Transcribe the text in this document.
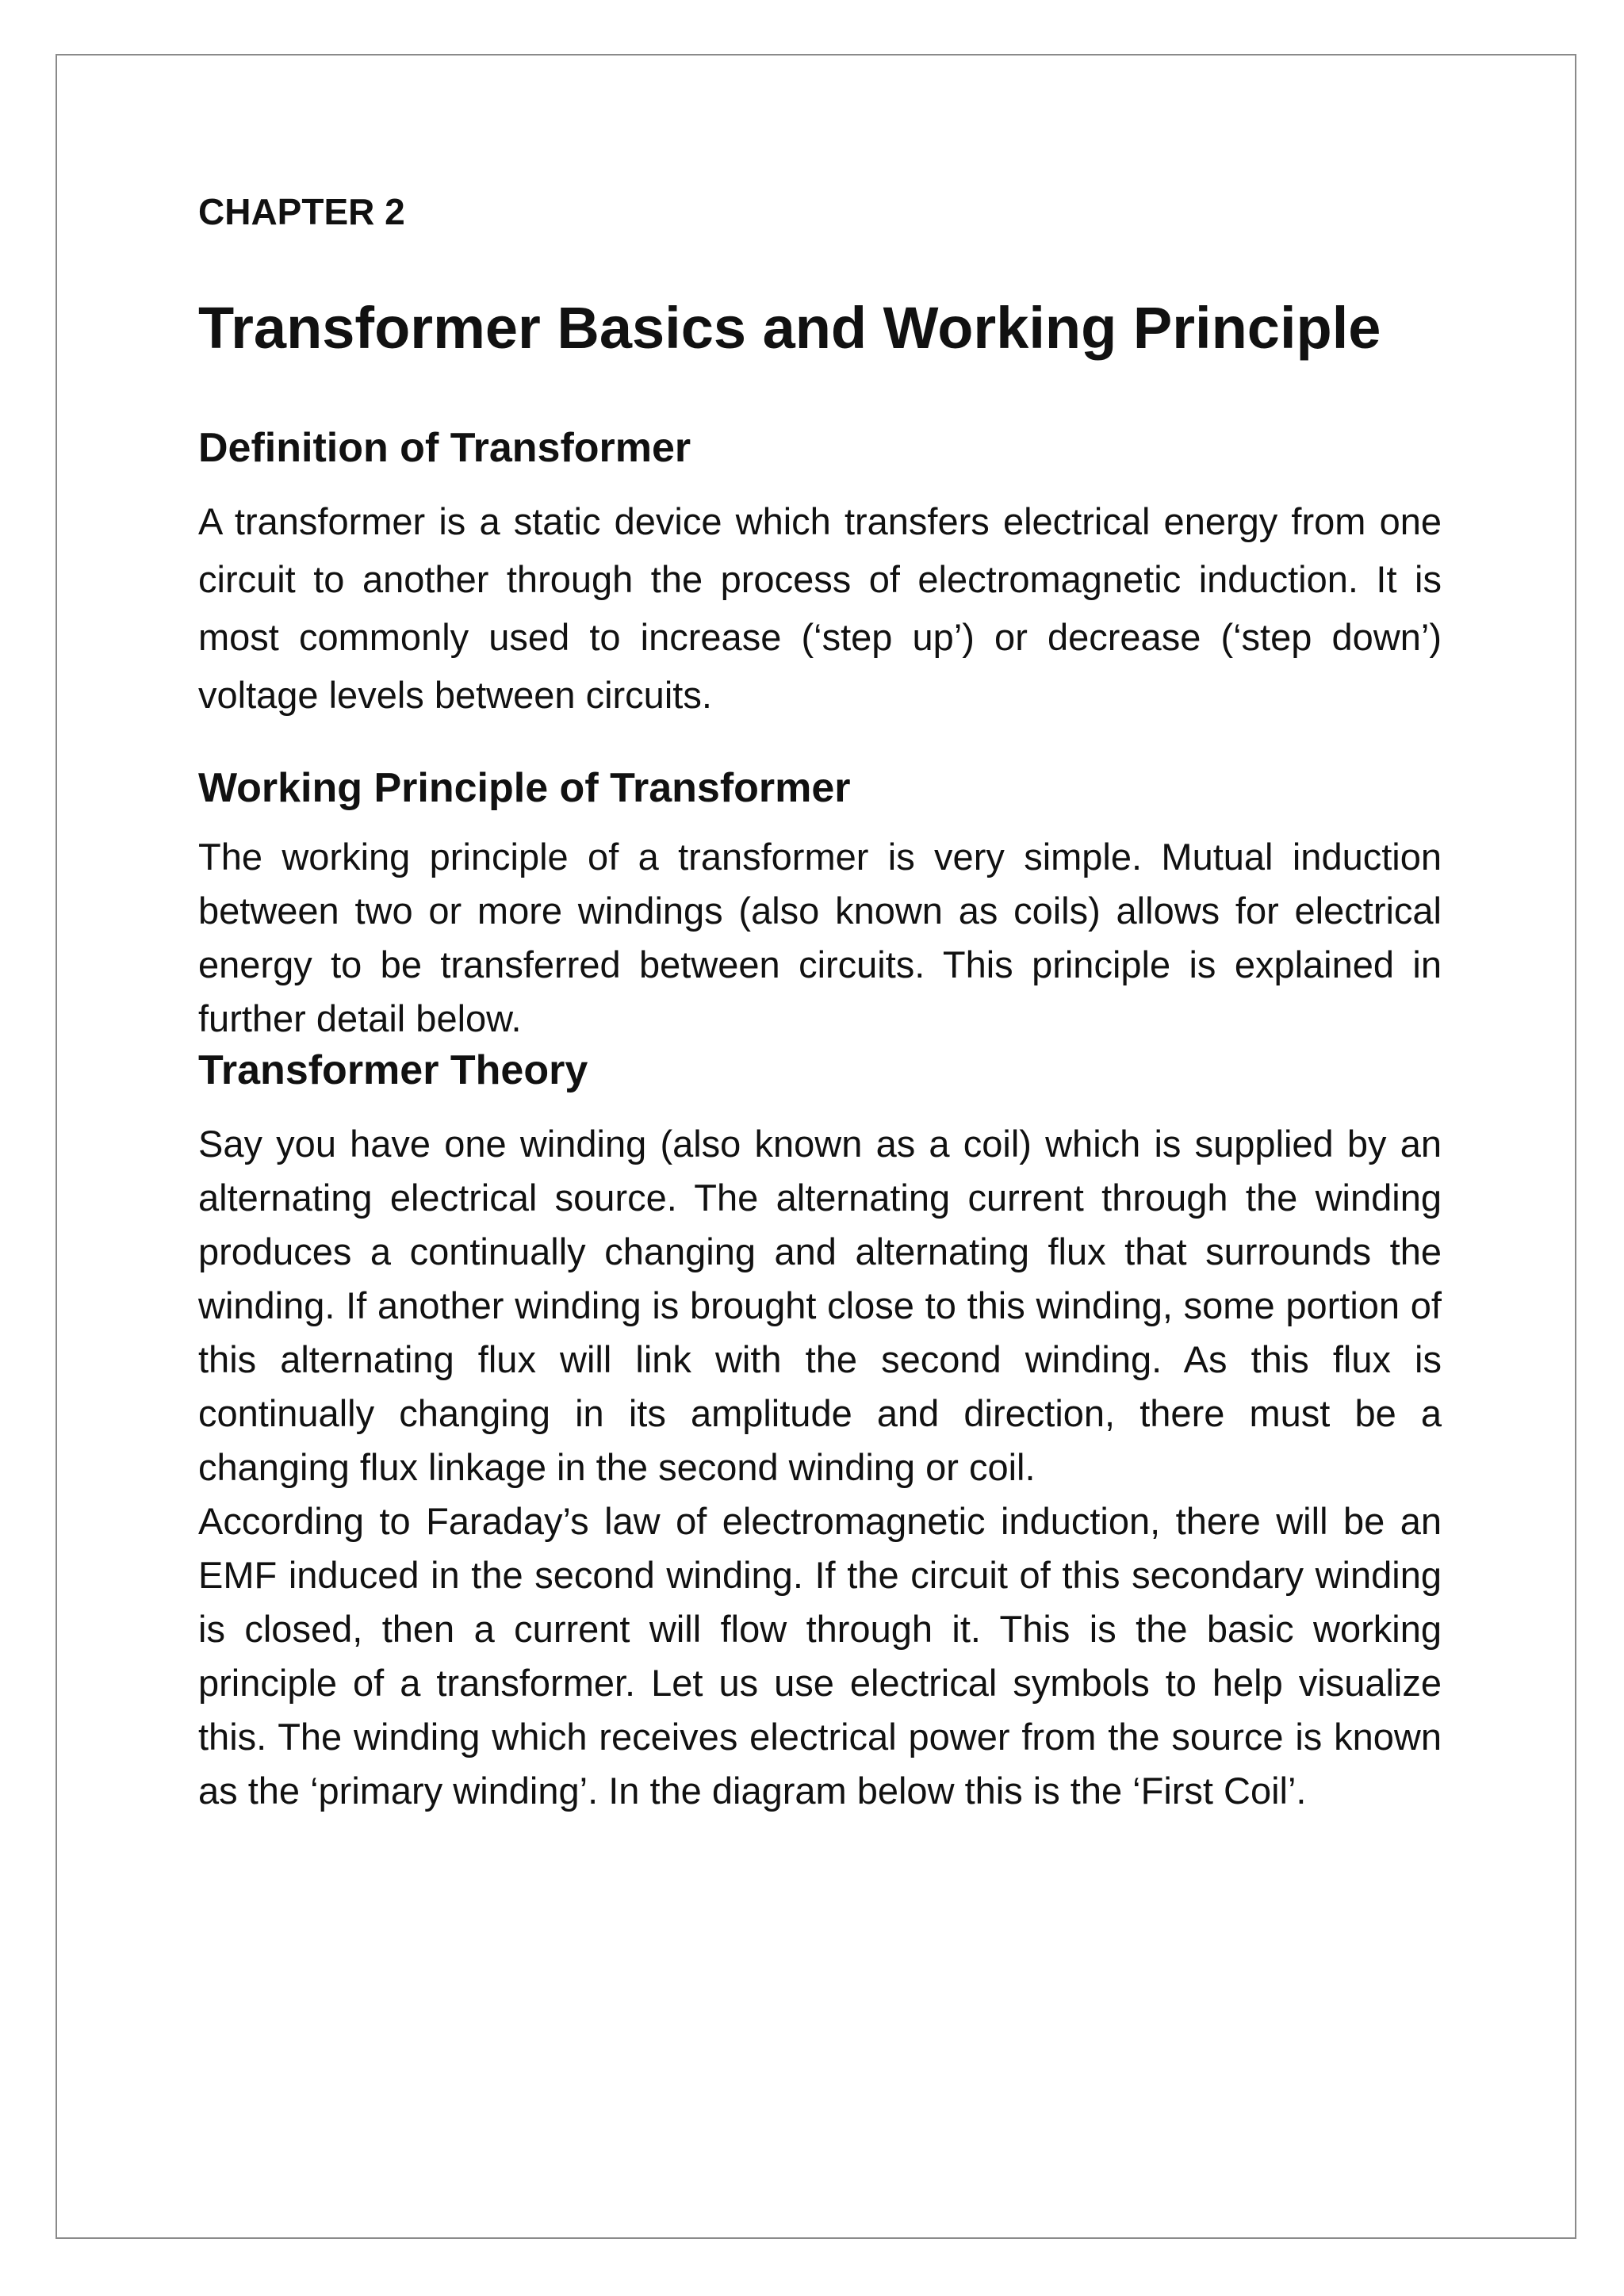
CHAPTER 2

Transformer Basics and Working Principle
Definition of Transformer

A transformer is a static device which transfers electrical energy from one circuit to another through the process of electromagnetic induction. It is most commonly used to increase (‘step up’) or decrease (‘step down’) voltage levels between circuits.

Working Principle of Transformer

The working principle of a transformer is very simple. Mutual induction between two or more windings (also known as coils) allows for electrical energy to be transferred between circuits. This principle is explained in further detail below.

Transformer Theory

Say you have one winding (also known as a coil) which is supplied by an alternating electrical source. The alternating current through the winding produces a continually changing and alternating flux that surrounds the winding. If another winding is brought close to this winding, some portion of this alternating flux will link with the second winding. As this flux is continually changing in its amplitude and direction, there must be a changing flux linkage in the second winding or coil.

According to Faraday’s law of electromagnetic induction, there will be an EMF induced in the second winding. If the circuit of this secondary winding is closed, then a current will flow through it. This is the basic working principle of a transformer. Let us use electrical symbols to help visualize this. The winding which receives electrical power from the source is known as the ‘primary winding’. In the diagram below this is the ‘First Coil’.
